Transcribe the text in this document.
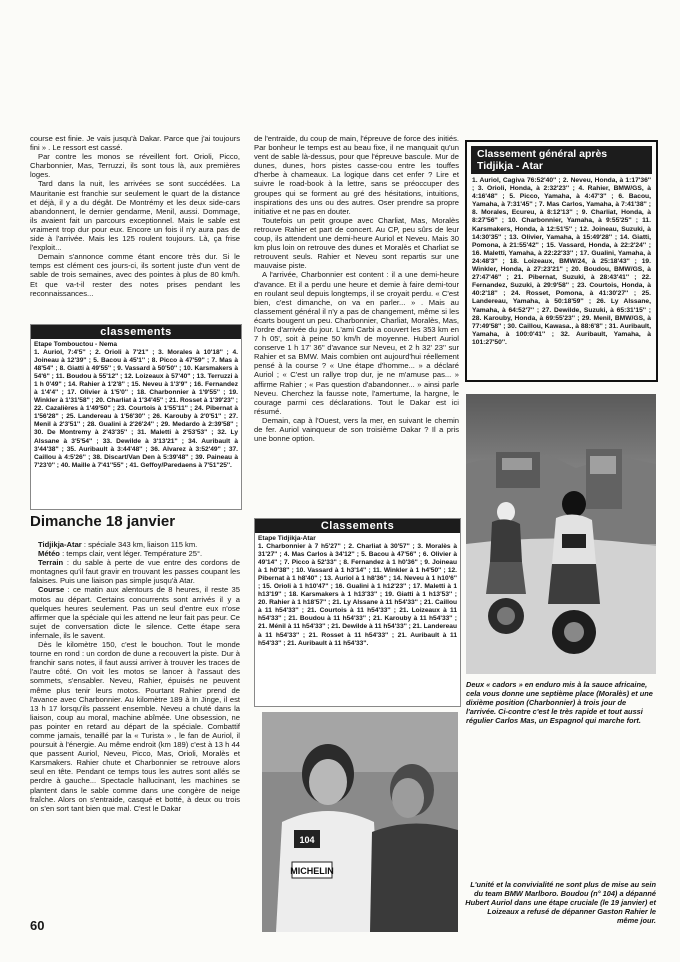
course est finie. Je vais jusqu'à Dakar. Parce que j'ai toujours fini » . Le ressort est cassé.

Par contre les monos se réveillent fort. Orioli, Picco, Charbonnier, Mas, Terruzzi, ils sont tous là, aux premières loges.

Tard dans la nuit, les arrivées se sont succédées. La Mauritanie est franchie sur seulement le quart de la distance et déjà, il y a du dégât. De Montrémy et les deux side-cars abandonnent, le dernier gendarme, Menil, aussi. Dommage, ils avaient fait un parcours exceptionnel. Mais le sable est vraiment trop dur pour eux. Encore un fois il n'y aura pas de side à l'arrivée. Mais les 125 roulent toujours. Là, ça frise l'exploit...

Demain s'annonce comme étant encore très dur. Si le temps est clément ces jours-ci, ils sortent juste d'un vent de sable de trois semaines, avec des pointes à plus de 80 km/h. Et que va-t-il rester des notes prises pendant les reconnaissances...

classements
Etape Tombouctou - Nema
1. Auriol, 7:4'5'' ; 2. Orioli à 7'21'' ; 3. Morales à 10'18'' ; 4. Joineau à 12'39'' ; 5. Bacou à 45'1'' ; 8. Picco à 47'59'' ; 7. Mas à 48'54'' ; 8. Giatti à 49'55'' ; 9. Vassard à 50'50'' ; 10. Karsmakers à 54'6'' ; 11. Boudou à 55'12'' ; 12. Loizeaux à 57'40'' ; 13. Terruzzi à 1 h 0'49'' ; 14. Rahier à 1'2'8'' ; 15. Neveu à 1'3'9'' ; 16. Fernandez à 1'4'4'' ; 17. Olivier à 1'5'0'' ; 18. Charbonnier à 1'9'55'' ; 19. Winkler à 1'31'58'' ; 20. Charliat à 1'34'45'' ; 21. Rosset à 1'39'23'' ; 22. Cazalières à 1'49'50'' ; 23. Courtois à 1'55'11'' ; 24. Pibernat à 1'56'28'' ; 25. Landereau à 1'56'30'' ; 26. Karouby à 2'0'51'' ; 27. Menil à 2'3'51'' ; 28. Gualini à 2'26'24'' ; 29. Medardo à 2:39'58'' ; 30. De Montremy à 2'43'35'' ; 31. Maletti à 2'53'53'' ; 32. Ly Alssane à 3'5'54'' ; 33. Dewilde à 3'13'21'' ; 34. Auribault à 3'44'38'' ; 35. Auribault à 3:44'48'' ; 36. Alvarez à 3:52'49'' ; 37. Caillou à 4:5'26'' ; 38. Discart/Van Den à 5:39'48'' ; 39. Paineau à 7'23'0'' ; 40. Maille à 7'41''55'' ; 41. Geffoy/Paredaens à 7'51''25''.
Dimanche 18 janvier

Tidjikja-Atar : spéciale 343 km, liaison 115 km.

Météo : temps clair, vent léger. Température 25°.

Terrain : du sable à perte de vue entre des cordons de montagnes qu'il faut gravir en trouvant les passes coupant les falaises. Puis une liaison pas simple jusqu'à Atar.

Course : ce matin aux alentours de 8 heures, il reste 35 motos au départ. Certains concurrents sont arrivés il y a quelques heures seulement. Pas un seul d'entre eux n'ose affirmer que la spéciale qui les attend ne leur fait pas peur. Ce sujet de conversation dicte le silence. Cette étape sera infernale, ils le savent.

Dès le kilomètre 150, c'est le bouchon. Tout le monde tourne en rond : un cordon de dune a recouvert la piste. Dur à franchir sans notes, il faut aussi arriver à trouver les traces de l'autre côté. On voit les motos se lancer à l'assaut des sommets, s'ensabler. Neveu, Rahier, épuisés ne peuvent même plus tenir leurs motos. Pourtant Rahier prend de l'avance avec Charbonnier. Au kilomètre 189 à In Jinge, il est 13 h 17 lorsqu'ils passent ensemble. Neveu a chuté dans la liaison, coup au moral, machine abîmée. Une obsession, ne pas pointer en retard au départ de la spéciale. Combattif comme jamais, tenaillé par la « Turista » , le fan de Auriol, il poursuit à l'énergie. Au même endroit (km 189) c'est à 13 h 44 que passent Auriol, Neveu, Picco, Mas, Orioli, Moralès et Karsmakers. Rahier chute et Charbonnier se retrouve alors seul en tête. Pendant ce temps tous les autres sont allés se perdre à gauche... Spectacle hallucinant, les machines se plantent dans le sable comme dans une congère de neige fraîche. Alors on s'entraide, casqué et botté, à deux ou trois on s'en sort tant bien que mal. C'est le Dakar

de l'entraide, du coup de main, l'épreuve de force des initiés. Par bonheur le temps est au beau fixe, il ne manquait qu'un vent de sable là-dessus, pour que l'épreuve bascule. Mur de dunes, dunes, hors pistes casse-cou entre les touffes d'herbe à chameaux. La logique dans cet enfer ? Lire et suivre le road-book à la lettre, sans se préoccuper des groupes qui se forment au gré des hésitations, intuitions, inspirations des uns ou des autres. Oser prendre sa propre initiative et ne pas en douter.

Toutefois un petit groupe avec Charliat, Mas, Moralès retrouve Rahier et part de concert. Au CP, peu sûrs de leur coup, ils attendent une demi-heure Auriol et Neveu. Mais 30 km plus loin on retrouve des dunes et Moralès et Charliat se retrouvent seuls. Rahier et Neveu sont repartis sur une mauvaise piste.

A l'arrivée, Charbonnier est content : il a une demi-heure d'avance. Et il a perdu une heure et demie à faire demi-tour en roulant seul depuis longtemps, il se croyait perdu. « C'est bien, c'est dimanche, on va en parler... » . Mais au classement général il n'y a pas de changement, même si les écarts bougent un peu. Charbonnier, Charliat, Moralès, Mas, l'ordre d'arrivée du jour. L'ami Carbi a couvert les 353 km en 7 h 05', soit à peine 50 km/h de moyenne. Hubert Auriol conserve 1 h 17' 36'' d'avance sur Neveu, et 2 h 32' 23'' sur Rahier et sa BMW. Mais combien ont aujourd'hui réellement pensé à la course ? « Une étape d'homme... » a déclaré Auriol ; « C'est un rallye trop dur, je ne m'amuse pas... » affirme Rahier ; « Pas question d'abandonner... » ainsi parle Neveu. Cherchez la fausse note, l'amertume, la hargne, le courage parmi ces déclarations. Tout le Dakar est ici résumé.

Demain, cap à l'Ouest, vers la mer, en suivant le chemin de fer. Auriol vainqueur de son troisième Dakar ? Il a pris une bonne option.

Classements
Etape Tidjikja-Atar
1. Charbonnier à 7 h5'27'' ; 2. Charliat à 30'57'' ; 3. Moralès à 31'27'' ; 4. Mas Carlos à 34'12'' ; 5. Bacou à 47'56'' ; 6. Olivier à 49'14'' ; 7. Picco à 52'33'' ; 8. Fernandez à 1 h0'36'' ; 9. Joineau à 1 h0'38'' ; 10. Vassard à 1 h3'14'' ; 11. Winkler à 1 h4'50'' ; 12. Pibernat à 1 h8'40'' ; 13. Auriol à 1 h8'36'' ; 14. Neveu à 1 h10'6'' ; 15. Orioli à 1 h10'47'' ; 16. Gualini à 1 h12'23'' ; 17. Maletti à 1 h13'19'' ; 18. Karsmakers à 1 h13'33'' ; 19. Giatti à 1 h13'53'' ; 20. Rahier à 1 h18'57'' ; 21. Ly Alssane à 11 h54'33'' ; 21. Caillou à 11 h54'33'' ; 21. Courtois à 11 h54'33'' ; 21. Loizeaux à 11 h54'33'' ; 21. Boudou à 11 h54'33'' ; 21. Karouby à 11 h54'33'' ; 21. Ménil à 11 h54'33'' ; 21. Dewilde à 11 h54'33'' ; 21. Landereau à 11 h54'33'' ; 21. Rosset à 11 h54'33'' ; 21. Auribault à 11 h54'33'' ; 21. Auribault à 11 h54'33''.
Classement général après Tidjikja - Atar
1. Auriol, Cagiva 76:52'40'' ; 2. Neveu, Honda, à 1:17'36'' ; 3. Orioli, Honda, à 2:32'23'' ; 4. Rahier, BMW/GS, à 4:16'48'' ; 5. Picco, Yamaha, à 4:47'3'' ; 6. Bacou, Yamaha, à 7:31'45'' ; 7. Mas Carlos, Yamaha, à 7:41'38'' ; 8. Morales, Ecureu, à 8:12'13'' ; 9. Charliat, Honda, à 8:27'56'' ; 10. Charbonnier, Yamaha, à 9:55'25'' ; 11. Karsmakers, Honda, à 12:51'5'' ; 12. Joineau, Suzuki, à 14:30'35'' ; 13. Olivier, Yamaha, à 15:49'28'' ; 14. Giatti, Pomona, à 21:55'42'' ; 15. Vassard, Honda, à 22:2'24'' ; 16. Maletti, Yamaha, à 22:22'33'' ; 17. Gualini, Yamaha, à 24:48'3'' ; 18. Loizeaux, BMW/24, à 25:18'43'' ; 19. Winkler, Honda, à 27:23'21'' ; 20. Boudou, BMW/GS, à 27:47'46'' ; 21. Pibernat, Suzuki, à 28:43'41'' ; 22. Fernandez, Suzuki, à 29:9'58'' ; 23. Courtois, Honda, à 40:2'18'' ; 24. Rosset, Pomona, à 41:30'27'' ; 25. Landereau, Yamaha, à 50:18'59'' ; 26. Ly Alssane, Yamaha, à 64:52'7'' ; 27. Dewilde, Suzuki, à 65:31'15'' ; 28. Karouby, Honda, à 69:55'23'' ; 29. Menil, BMW/GS, à 77:49'58'' ; 30. Caillou, Kawasa., à 88:6'8'' ; 31. Auribault, Yamaha, à 100:0'41'' ; 32. Auribault, Yamaha, à 101:27'50''.
Deux « cadors » en enduro mis à la sauce africaine, cela vous donne une septième place (Moralès) et une dixième position (Charbonnier) à trois jour de l'arrivée. Ci-contre c'est le très rapide et tout aussi régulier Carlos Mas, un Espagnol qui marche fort.
MICHELIN
104
L'unité et la convivialité ne sont plus de mise au sein du team BMW Marlboro. Boudou (n° 104) a dépanné Hubert Auriol dans une étape cruciale (le 19 janvier) et Loizeaux a refusé de dépanner Gaston Rahier le même jour.
60
